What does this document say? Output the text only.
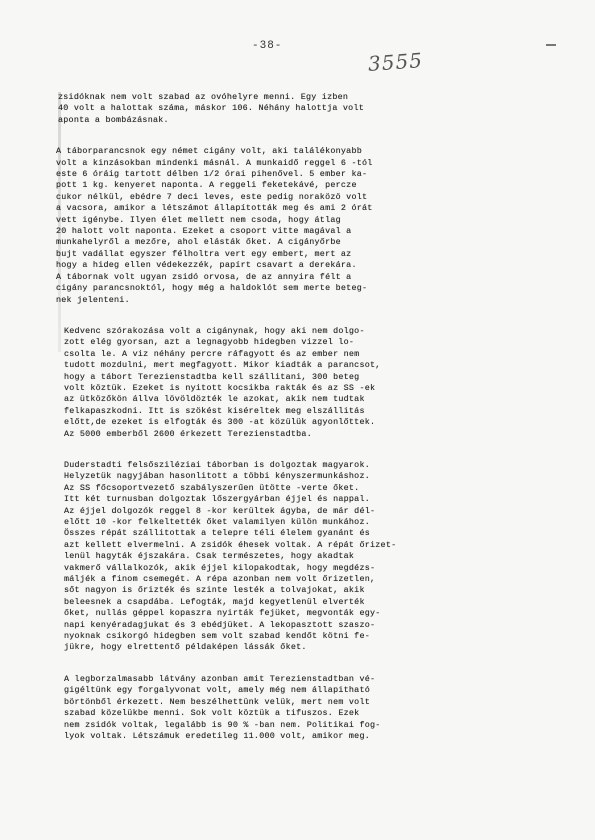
-38-
3555

zsidóknak nem volt szabad az ovóhelyre menni. Egy izben
40 volt a halottak száma, máskor 106. Néhány halottja volt
aponta a bombázásnak.

A táborparancsnok egy német cigány volt, aki találékonyabb
volt a kinzásokban mindenki másnál. A munkaidő reggel 6 -tól
este 6 óráig tartott délben 1/2 órai pihenővel. 5 ember ka-
pott 1 kg. kenyeret naponta. A reggeli feketekávé, percze
cukor nélkül, ebédre 7 deci leves, este pedig noraközö volt
a vacsora, amikor a létszámot állapították meg és ami 2 órát
vett igénybe. Ilyen élet mellett nem csoda, hogy átlag
20 halott volt naponta. Ezeket a csoport vitte magával a
munkahelyről a mezőre, ahol elásták őket. A cigányőrbe
bujt vadállat egyszer félholtra vert egy embert, mert az
hogy a hideg ellen védekezzék, papírt csavart a derekára.
A tábornak volt ugyan zsidó orvosa, de az annyira félt a
cigány parancsnoktól, hogy még a haldoklót sem merte beteg-
nek jelenteni.

Kedvenc szórakozása volt a cigánynak, hogy aki nem dolgo-
zott elég gyorsan, azt a legnagyobb hidegben vizzel lo-
csolta le. A viz néhány percre ráfagyott és az ember nem
tudott mozdulni, mert megfagyott. Mikor kiadták a parancsot,
hogy a tábort Terezienstadtba kell szállitani, 300 beteg
volt köztük. Ezeket is nyitott kocsikba rakták és az SS -ek
az ütközőkön állva lövöldözték le azokat, akik nem tudtak
felkapaszkodni. Itt is szökést kiséreltek meg elszállitás
előtt,de ezeket is elfogták és 300 -at közülük agyonlőttek.
Az 5000 emberből 2600 érkezett Terezienstadtba.

Duderstadti felsősziléziai táborban is dolgoztak magyarok.
Helyzetük nagyjában hasonlitott a többi kényszermunkáshoz.
Az SS főcsoportvezető szabályszerűen ütötte -verte őket.
Itt két turnusban dolgoztak lőszergyárban éjjel és nappal.
Az éjjel dolgozók reggel 8 -kor kerültek ágyba, de már dél-
előtt 10 -kor felkeltették őket valamilyen külön munkához.
Összes répát szállitottak a telepre téli élelem gyanánt és
azt kellett elvermelni. A zsidók éhesek voltak. A répát őrizet-
lenül hagyták éjszakára. Csak természetes, hogy akadtak
vakmerő vállalkozók, akik éjjel kilopakodtak, hogy megdézs-
máljék a finom csemegét. A répa azonban nem volt őrizetlen,
sőt nagyon is őrizték és szinte lesték a tolvajokat, akik
beleesnek a csapdába. Lefogták, majd kegyetlenül elverték
őket, nullás géppel kopaszra nyirták fejüket, megvonták egy-
napi kenyéradagjukat és 3 ebédjüket. A lekopasztott szaszo-
nyoknak csikorgó hidegben sem volt szabad kendőt kötni fe-
jükre, hogy elrettentő példaképen lássák őket.

A legborzalmasabb látvány azonban amit Terezienstadtban vé-
gigéltünk egy forgalyvonat volt, amely még nem állapitható
börtönből érkezett. Nem beszélhettünk velük, mert nem volt
szabad közelükbe menni. Sok volt köztük a tifuszos. Ezek
nem zsidók voltak, legalább is 90 % -ban nem. Politikai fog-
lyok voltak. Létszámuk eredetileg 11.000 volt, amikor meg.
